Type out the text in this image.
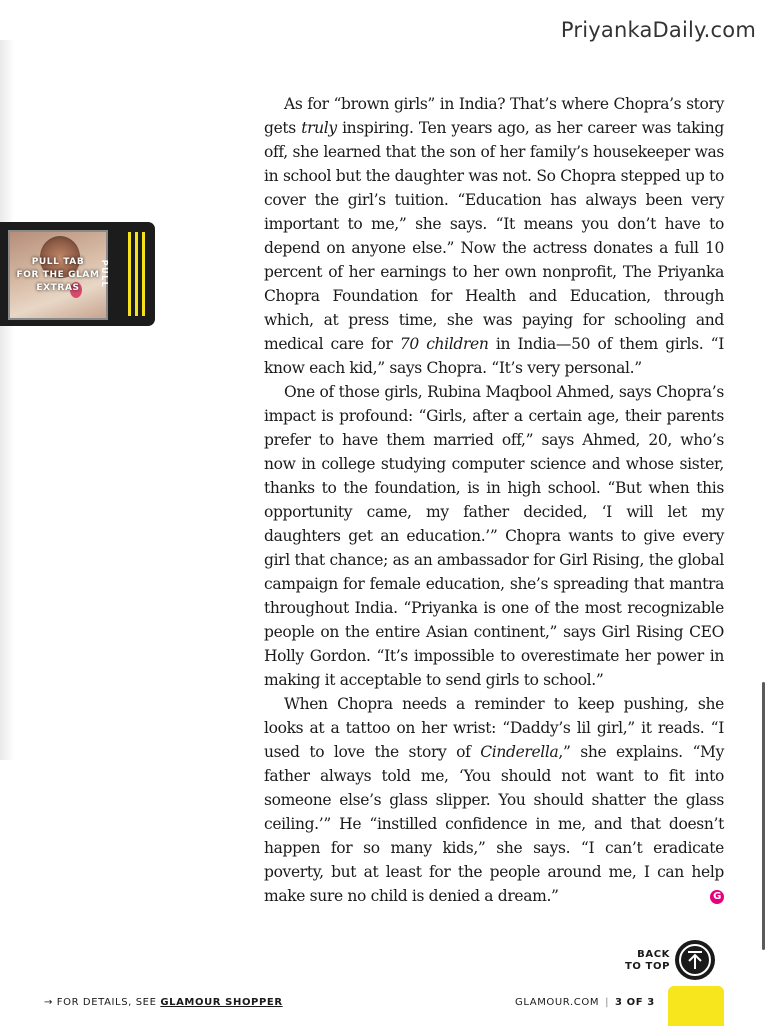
PriyankaDaily.com
PULL TAB
FOR THE GLAM
EXTRAS	PULL

As for “brown girls” in India? That’s where Chopra’s story gets truly inspiring. Ten years ago, as her career was taking off, she learned that the son of her family’s housekeeper was in school but the daughter was not. So Chopra stepped up to cover the girl’s tuition. “Education has always been very important to me,” she says. “It means you don’t have to depend on anyone else.” Now the actress donates a full 10 percent of her earnings to her own nonprofit, The Priyanka Chopra Foundation for Health and Education, through which, at press time, she was paying for schooling and medical care for 70 children in India—50 of them girls. “I know each kid,” says Chopra. “It’s very personal.”

One of those girls, Rubina Maqbool Ahmed, says Chopra’s impact is profound: “Girls, after a certain age, their parents prefer to have them married off,” says Ahmed, 20, who’s now in college studying computer science and whose sister, thanks to the foundation, is in high school. “But when this opportunity came, my father decided, ‘I will let my daughters get an education.’” Chopra wants to give every girl that chance; as an ambassador for Girl Rising, the global campaign for female education, she’s spreading that mantra throughout India. “Priyanka is one of the most recognizable people on the entire Asian continent,” says Girl Rising CEO Holly Gordon. “It’s impossible to overestimate her power in making it acceptable to send girls to school.”

When Chopra needs a reminder to keep pushing, she looks at a tattoo on her wrist: “Daddy’s lil girl,” it reads. “I used to love the story of Cinderella,” she explains. “My father always told me, ‘You should not want to fit into someone else’s glass slipper. You should shatter the glass ceiling.’” He “instilled confidence in me, and that doesn’t happen for so many kids,” she says. “I can’t eradicate poverty, but at least for the people around me, I can help make sure no child is denied a dream.”	G

BACK
TO TOP
→ FOR DETAILS, SEE GLAMOUR SHOPPER	GLAMOUR.COM | 3 OF 3
